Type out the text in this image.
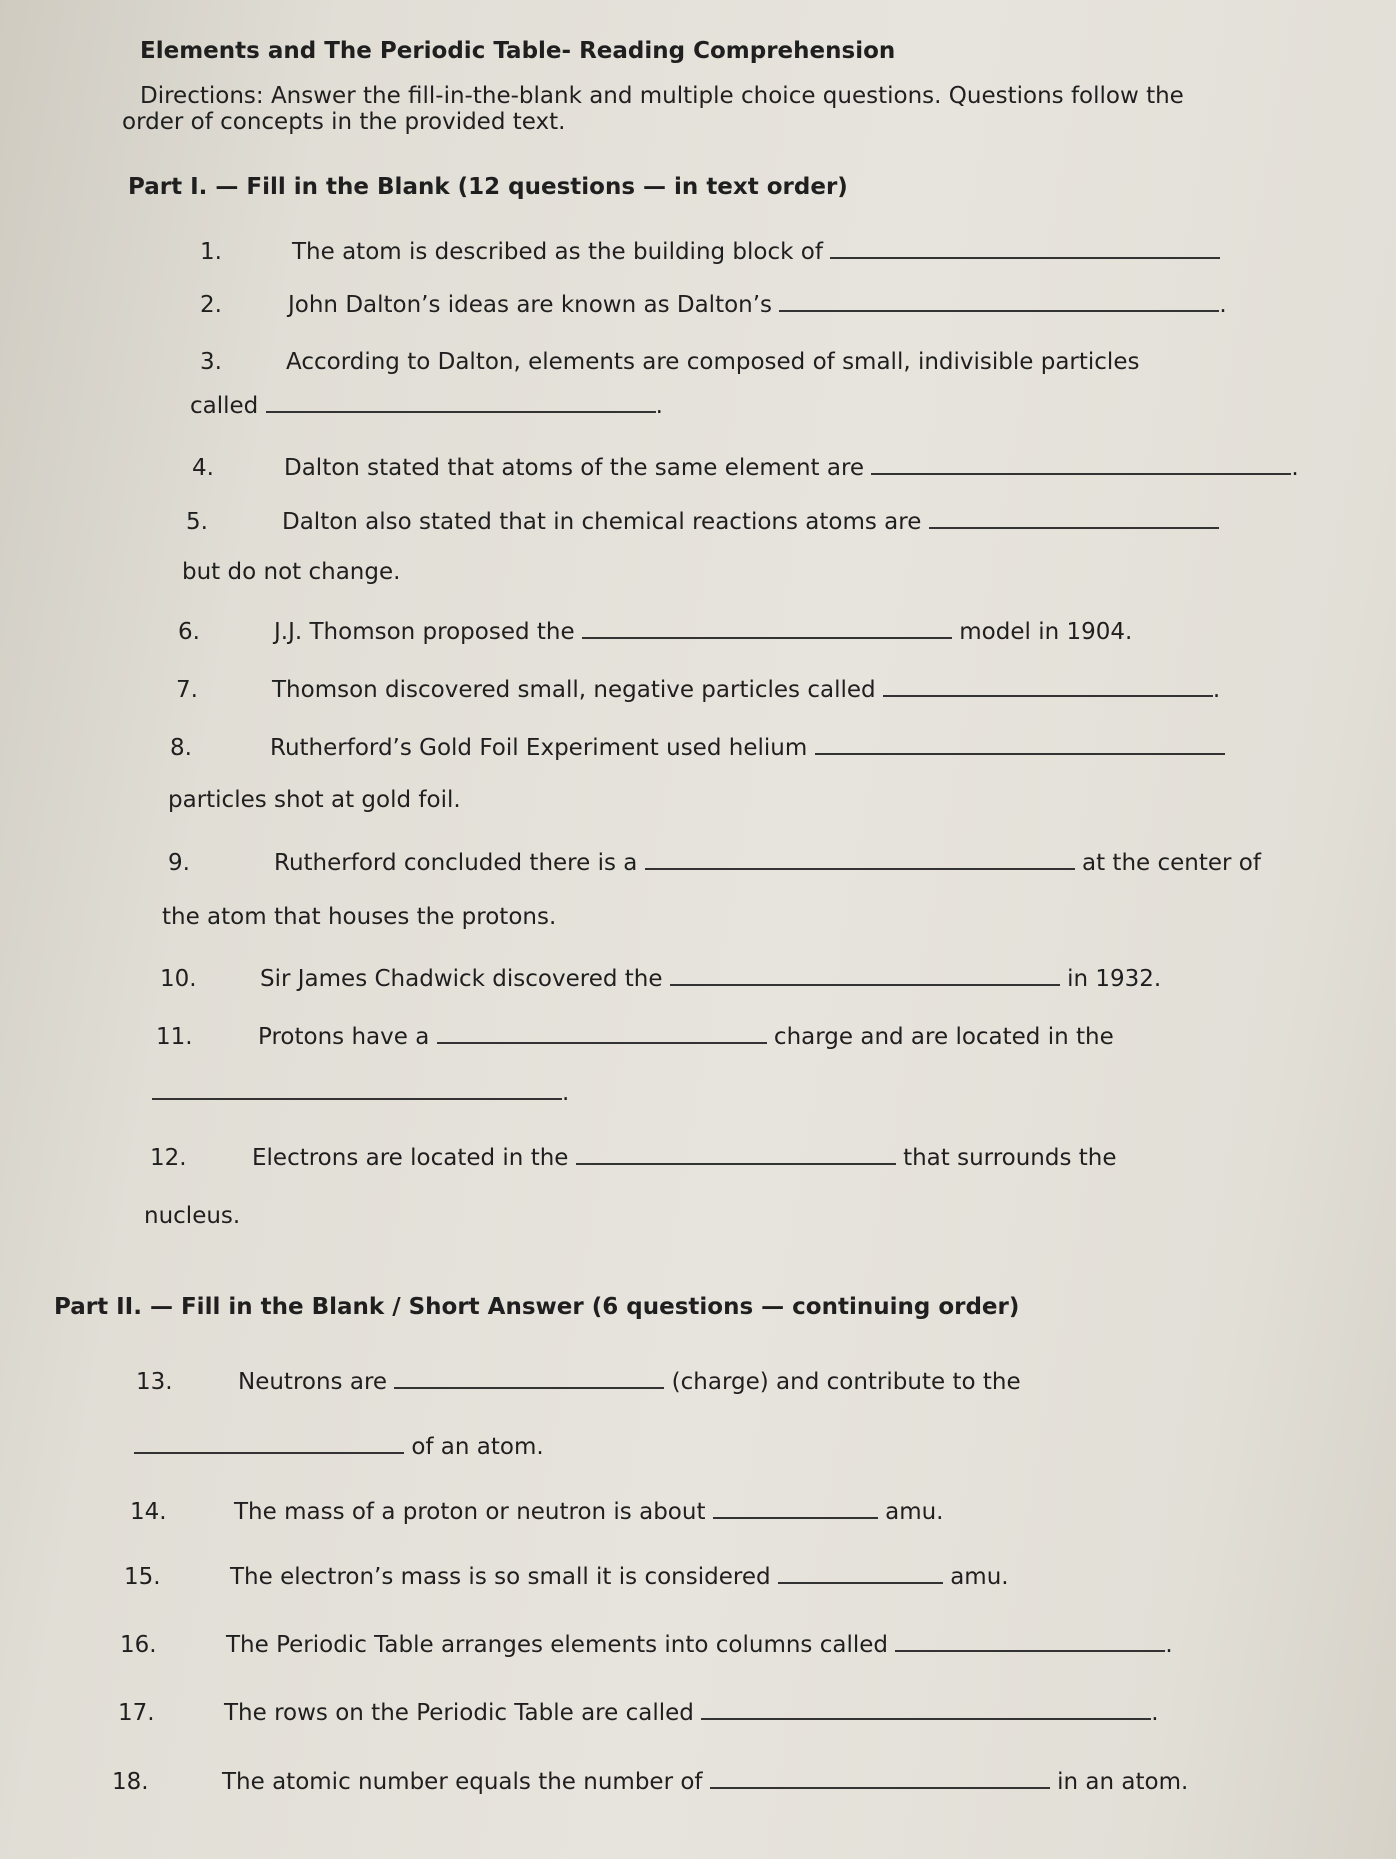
Elements and The Periodic Table- Reading Comprehension
Directions: Answer the fill-in-the-blank and multiple choice questions. Questions follow the
order of concepts in the provided text.
Part I. — Fill in the Blank (12 questions — in text order)
1.	The atom is described as the building block of
2.	John Dalton’s ideas are known as Dalton’s	.
3.	According to Dalton, elements are composed of small, indivisible particles
called	.
4.	Dalton stated that atoms of the same element are	.
5.	Dalton also stated that in chemical reactions atoms are
but do not change.
6.	J.J. Thomson proposed the	model in 1904.
7.	Thomson discovered small, negative particles called	.
8.	Rutherford’s Gold Foil Experiment used helium
particles shot at gold foil.
9.	Rutherford concluded there is a	at the center of
the atom that houses the protons.
10.	Sir James Chadwick discovered the	in 1932.
11.	Protons have a	charge and are located in the
.
12.	Electrons are located in the	that surrounds the
nucleus.
Part II. — Fill in the Blank / Short Answer (6 questions — continuing order)
13.	Neutrons are	(charge) and contribute to the
of an atom.
14.	The mass of a proton or neutron is about	amu.
15.	The electron’s mass is so small it is considered	amu.
16.	The Periodic Table arranges elements into columns called	.
17.	The rows on the Periodic Table are called	.
18.	The atomic number equals the number of	in an atom.
